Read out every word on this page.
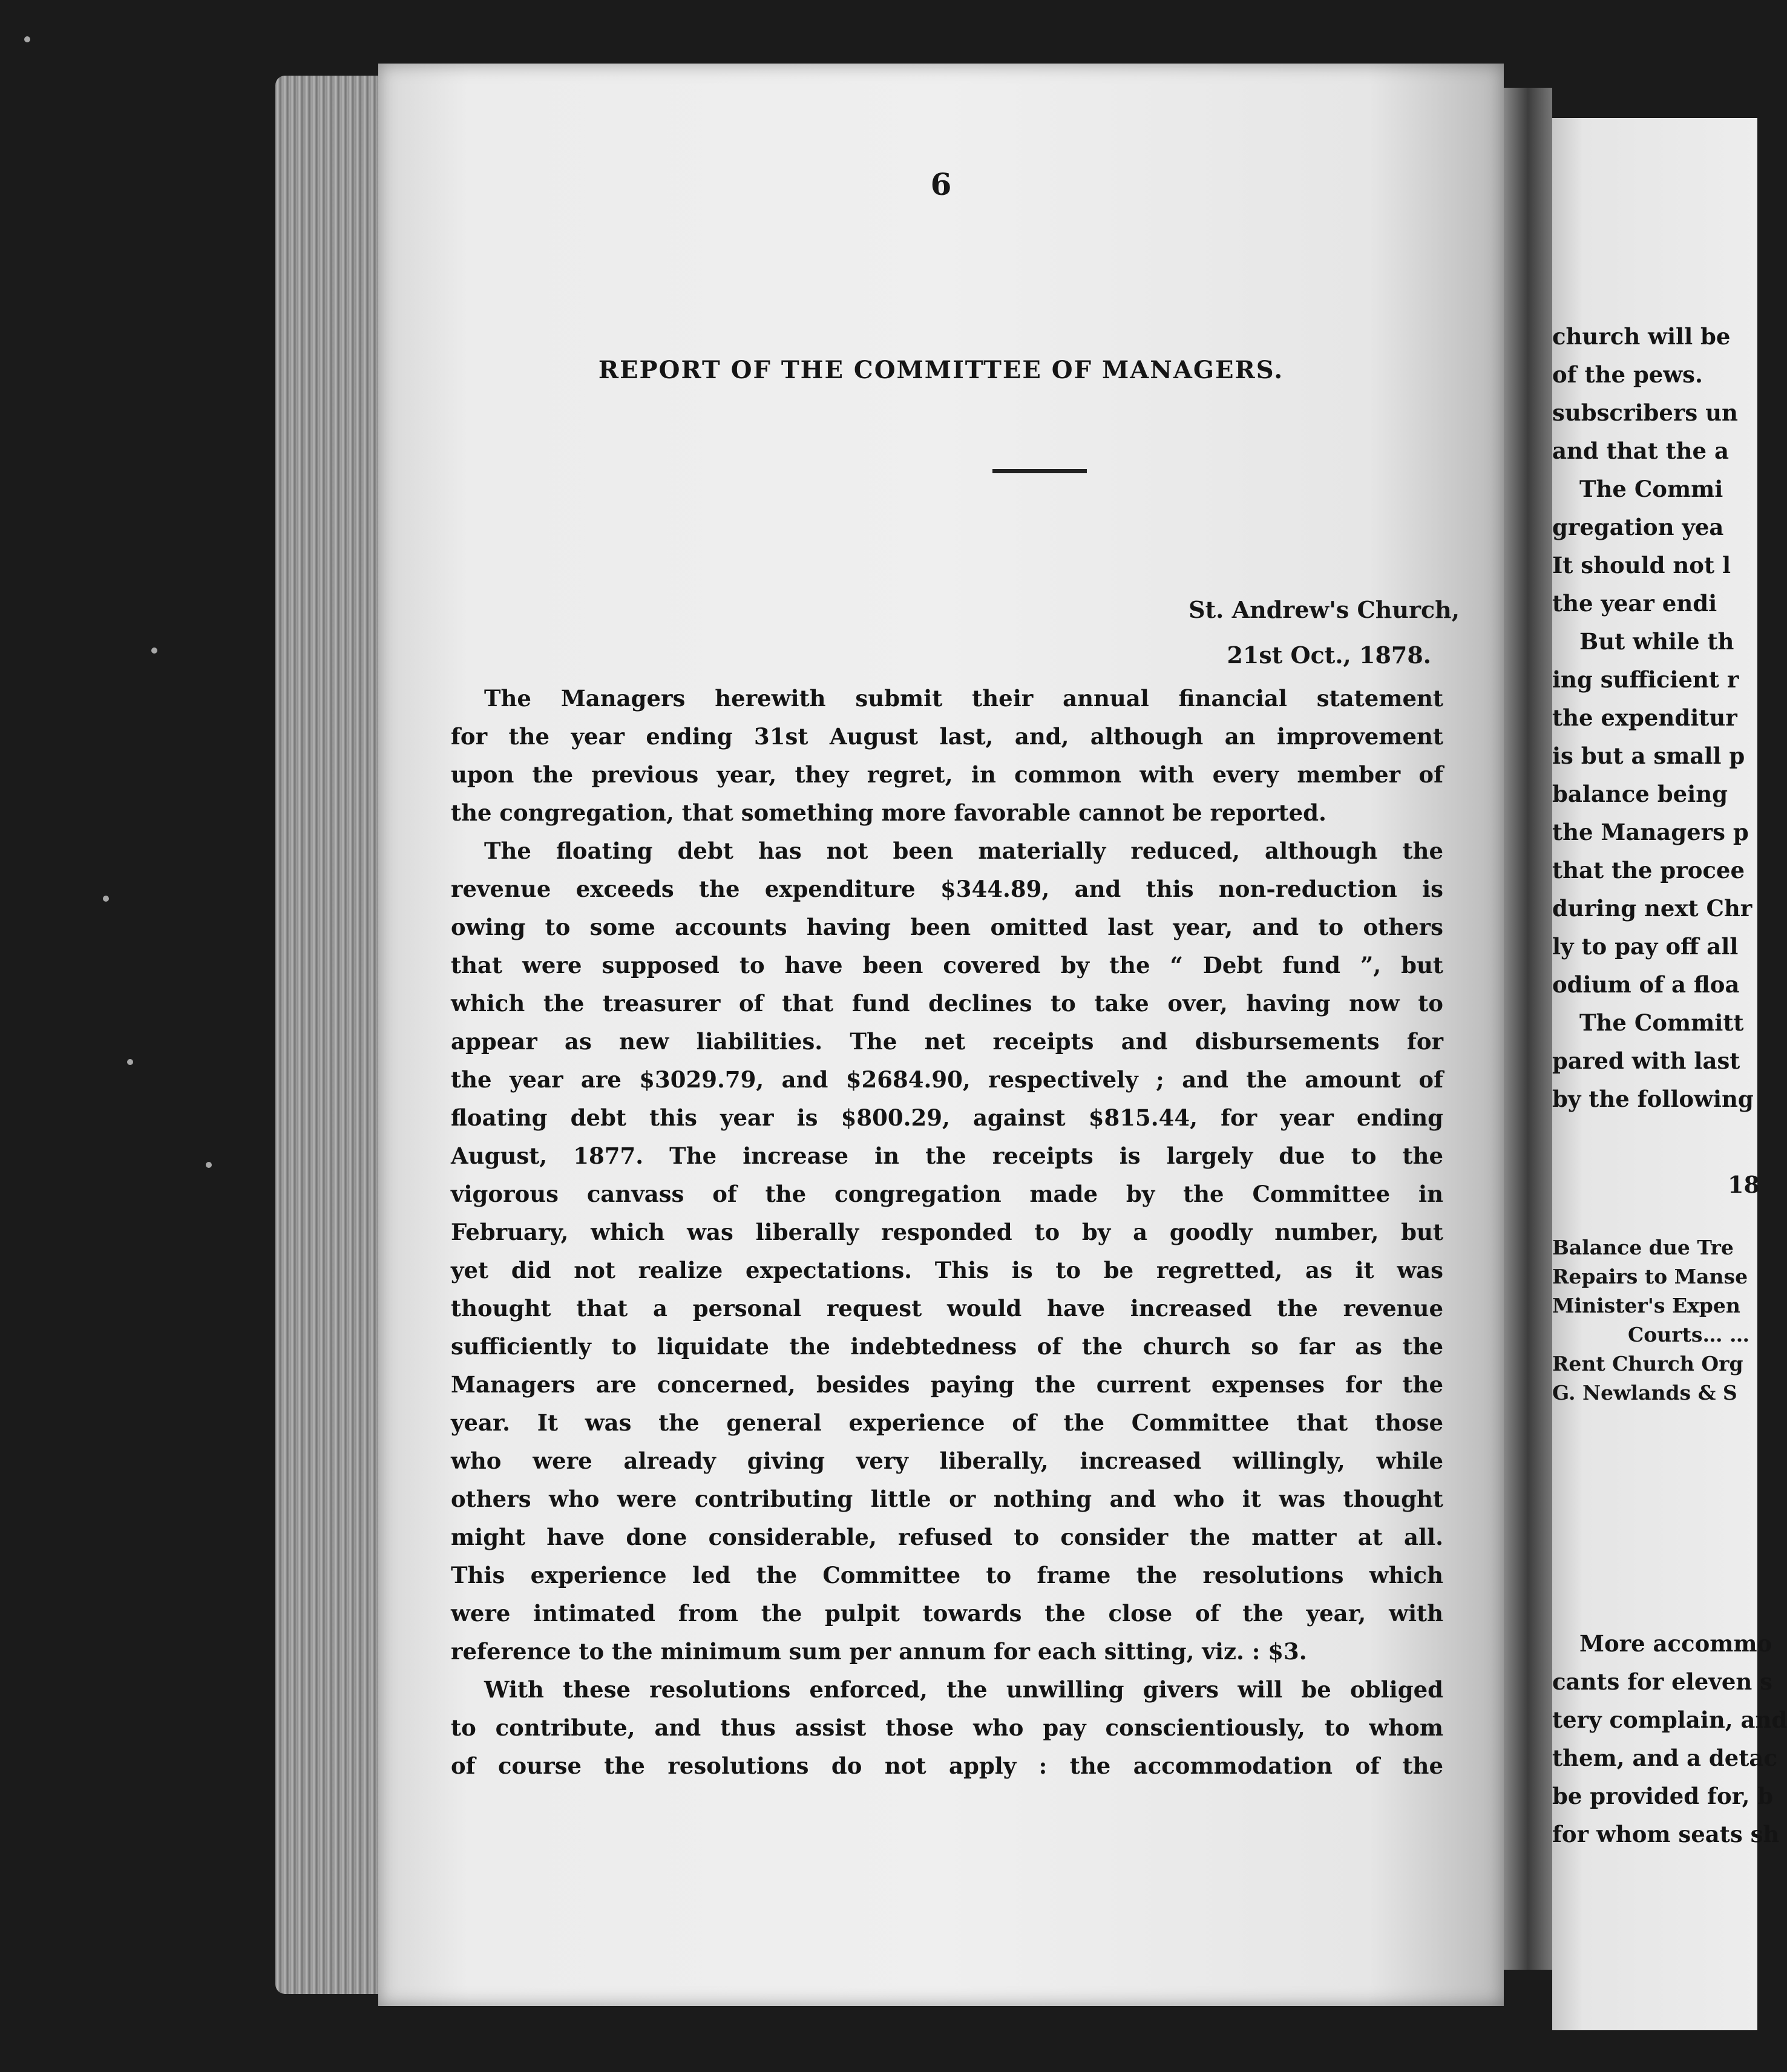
6
REPORT OF THE COMMITTEE OF MANAGERS.
St. Andrew's Church,
21st Oct., 1878.
The Managers herewith submit their annual financial statement
for the year ending 31st August last, and, although an improvement
upon the previous year, they regret, in common with every member of
the congregation, that something more favorable cannot be reported.
The floating debt has not been materially reduced, although the
revenue exceeds the expenditure $344.89, and this non-reduction is
owing to some accounts having been omitted last year, and to others
that were supposed to have been covered by the “ Debt fund ”, but
which the treasurer of that fund declines to take over, having now to
appear as new liabilities. The net receipts and disbursements for
the year are $3029.79, and $2684.90, respectively ; and the amount of
floating debt this year is $800.29, against $815.44, for year ending
August, 1877. The increase in the receipts is largely due to the
vigorous canvass of the congregation made by the Committee in
February, which was liberally responded to by a goodly number, but
yet did not realize expectations. This is to be regretted, as it was
thought that a personal request would have increased the revenue
sufficiently to liquidate the indebtedness of the church so far as the
Managers are concerned, besides paying the current expenses for the
year. It was the general experience of the Committee that those
who were already giving very liberally, increased willingly, while
others who were contributing little or nothing and who it was thought
might have done considerable, refused to consider the matter at all.
This experience led the Committee to frame the resolutions which
were intimated from the pulpit towards the close of the year, with
reference to the minimum sum per annum for each sitting, viz. : $3.
With these resolutions enforced, the unwilling givers will be obliged
to contribute, and thus assist those who pay conscientiously, to whom
of course the resolutions do not apply : the accommodation of the
church will be
of the pews.
subscribers un
and that the a
The Commi
gregation yea
It should not l
the year endi
But while th
ing sufficient r
the expenditur
is but a small p
balance being
the Managers p
that the procee
during next Chr
ly to pay off all
odium of a floa
The Committ
pared with last
by the following
18
Balance due Tre
Repairs to Manse
Minister's Expen
Courts… …
Rent Church Org
G. Newlands & S
More accommo
cants for eleven s
tery complain, and
them, and a detac
be provided for, b
for whom seats sh
